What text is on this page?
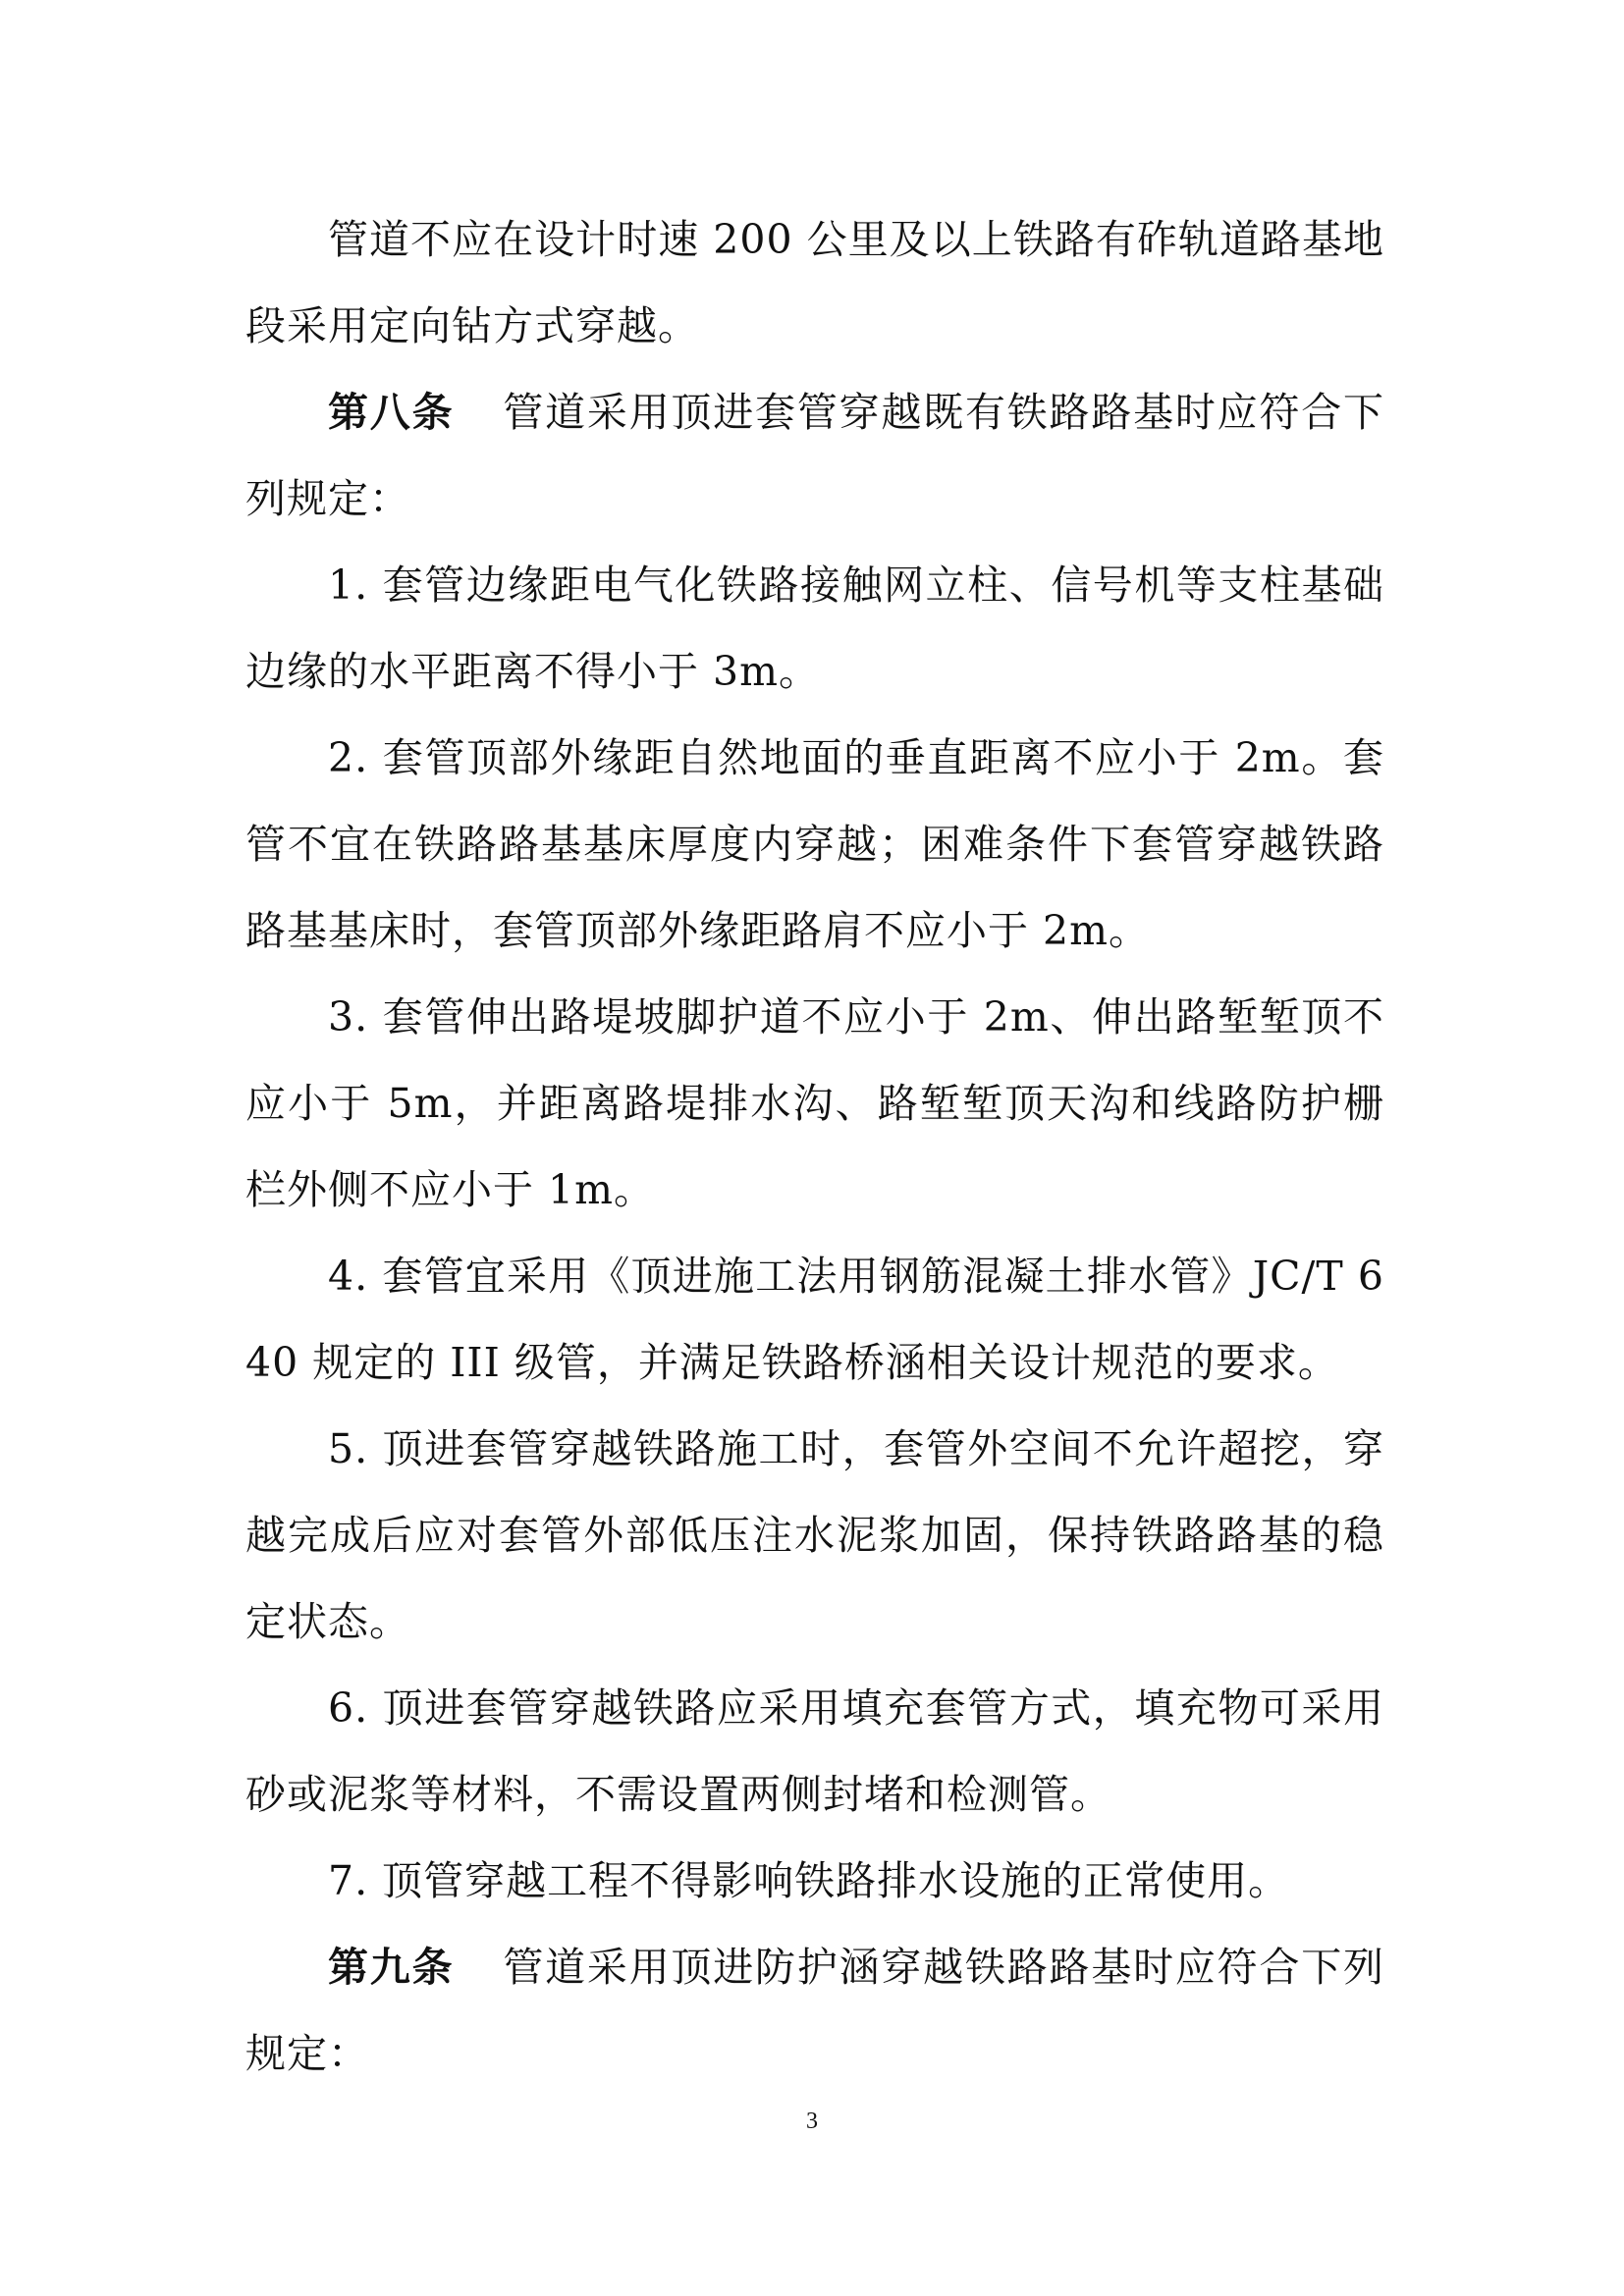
管道不应在设计时速 200 公里及以上铁路有砟轨道路基地段采用定向钻方式穿越。

第八条 管道采用顶进套管穿越既有铁路路基时应符合下列规定：

1. 套管边缘距电气化铁路接触网立柱、信号机等支柱基础边缘的水平距离不得小于 3m。

2. 套管顶部外缘距自然地面的垂直距离不应小于 2m。套管不宜在铁路路基基床厚度内穿越；困难条件下套管穿越铁路路基基床时，套管顶部外缘距路肩不应小于 2m。

3. 套管伸出路堤坡脚护道不应小于 2m、伸出路堑堑顶不应小于 5m，并距离路堤排水沟、路堑堑顶天沟和线路防护栅栏外侧不应小于 1m。

4. 套管宜采用《顶进施工法用钢筋混凝土排水管》JC/T 640 规定的 III 级管，并满足铁路桥涵相关设计规范的要求。

5. 顶进套管穿越铁路施工时，套管外空间不允许超挖，穿越完成后应对套管外部低压注水泥浆加固，保持铁路路基的稳定状态。

6. 顶进套管穿越铁路应采用填充套管方式，填充物可采用砂或泥浆等材料，不需设置两侧封堵和检测管。

7. 顶管穿越工程不得影响铁路排水设施的正常使用。

第九条 管道采用顶进防护涵穿越铁路路基时应符合下列规定：

3
